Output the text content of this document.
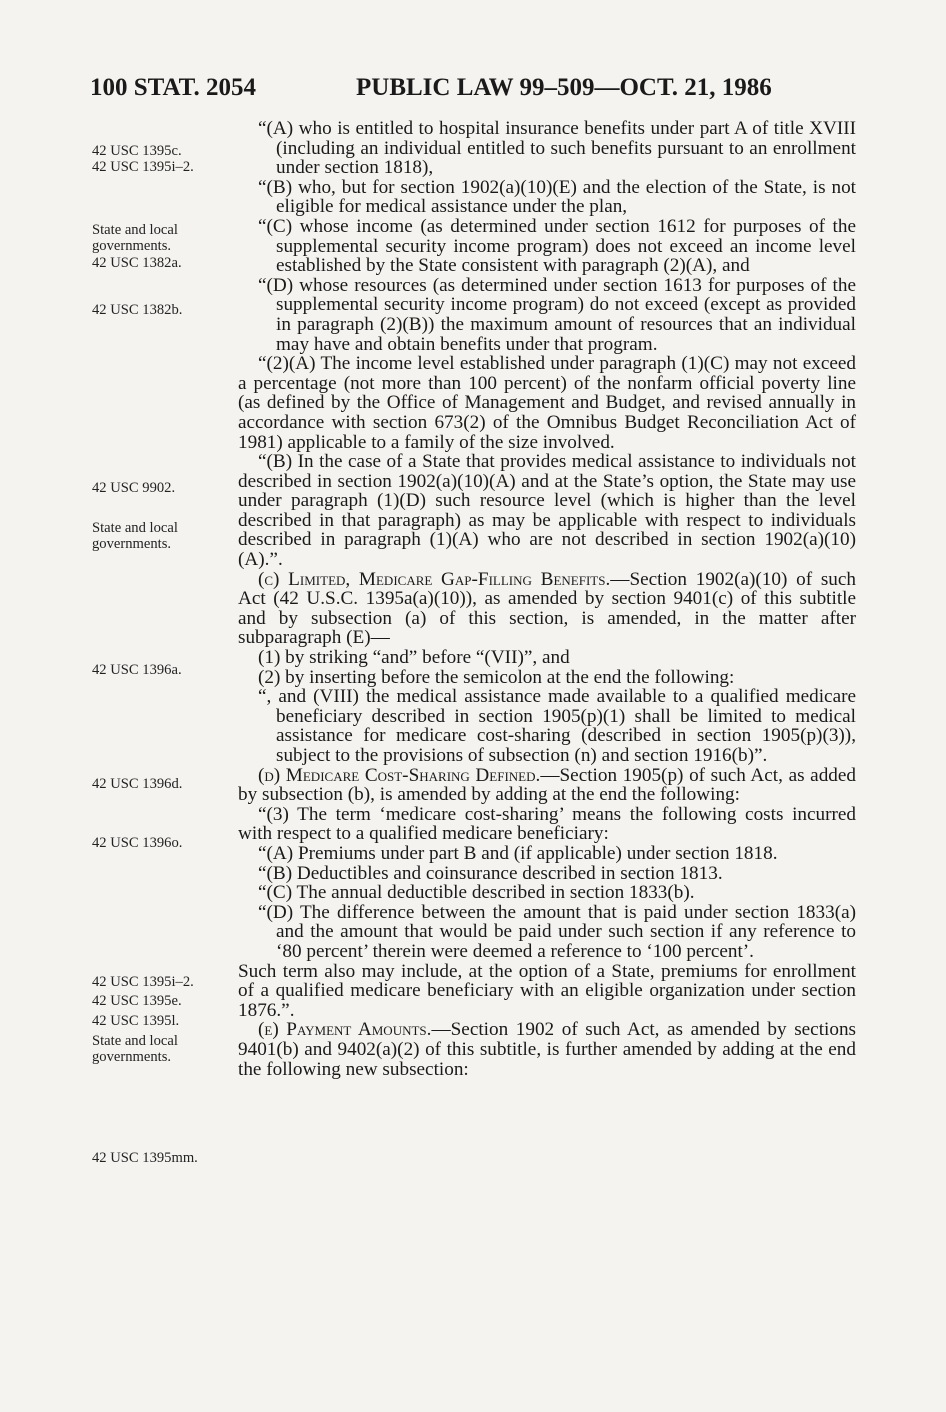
100 STAT. 2054	PUBLIC LAW 99–509—OCT. 21, 1986
42 USC 1395c.
42 USC 1395i–2.
State and local governments.
42 USC 1382a.
42 USC 1382b.
42 USC 9902.
State and local governments.
42 USC 1396a.
42 USC 1396d.
42 USC 1396o.
42 USC 1395i–2.
42 USC 1395e.
42 USC 1395l.
State and local governments.
42 USC 1395mm.

“(A) who is entitled to hospital insurance benefits under part A of title XVIII (including an individual entitled to such benefits pursuant to an enrollment under section 1818),

“(B) who, but for section 1902(a)(10)(E) and the election of the State, is not eligible for medical assistance under the plan,

“(C) whose income (as determined under section 1612 for purposes of the supplemental security income program) does not exceed an income level established by the State consistent with paragraph (2)(A), and

“(D) whose resources (as determined under section 1613 for purposes of the supplemental security income program) do not exceed (except as provided in paragraph (2)(B)) the maximum amount of resources that an individual may have and obtain benefits under that program.

“(2)(A) The income level established under paragraph (1)(C) may not exceed a percentage (not more than 100 percent) of the nonfarm official poverty line (as defined by the Office of Management and Budget, and revised annually in accordance with section 673(2) of the Omnibus Budget Reconciliation Act of 1981) applicable to a family of the size involved.

“(B) In the case of a State that provides medical assistance to individuals not described in section 1902(a)(10)(A) and at the State’s option, the State may use under paragraph (1)(D) such resource level (which is higher than the level described in that paragraph) as may be applicable with respect to individuals described in paragraph (1)(A) who are not described in section 1902(a)(10)(A).”.

(c) Limited, Medicare Gap-Filling Benefits.—Section 1902(a)(10) of such Act (42 U.S.C. 1395a(a)(10)), as amended by section 9401(c) of this subtitle and by subsection (a) of this section, is amended, in the matter after subparagraph (E)—

(1) by striking “and” before “(VII)”, and

(2) by inserting before the semicolon at the end the following:

“, and (VIII) the medical assistance made available to a qualified medicare beneficiary described in section 1905(p)(1) shall be limited to medical assistance for medicare cost-sharing (described in section 1905(p)(3)), subject to the provisions of subsection (n) and section 1916(b)”.

(d) Medicare Cost-Sharing Defined.—Section 1905(p) of such Act, as added by subsection (b), is amended by adding at the end the following:

“(3) The term ‘medicare cost-sharing’ means the following costs incurred with respect to a qualified medicare beneficiary:

“(A) Premiums under part B and (if applicable) under section 1818.

“(B) Deductibles and coinsurance described in section 1813.

“(C) The annual deductible described in section 1833(b).

“(D) The difference between the amount that is paid under section 1833(a) and the amount that would be paid under such section if any reference to ‘80 percent’ therein were deemed a reference to ‘100 percent’.

Such term also may include, at the option of a State, premiums for enrollment of a qualified medicare beneficiary with an eligible organization under section 1876.”.

(e) Payment Amounts.—Section 1902 of such Act, as amended by sections 9401(b) and 9402(a)(2) of this subtitle, is further amended by adding at the end the following new subsection:
